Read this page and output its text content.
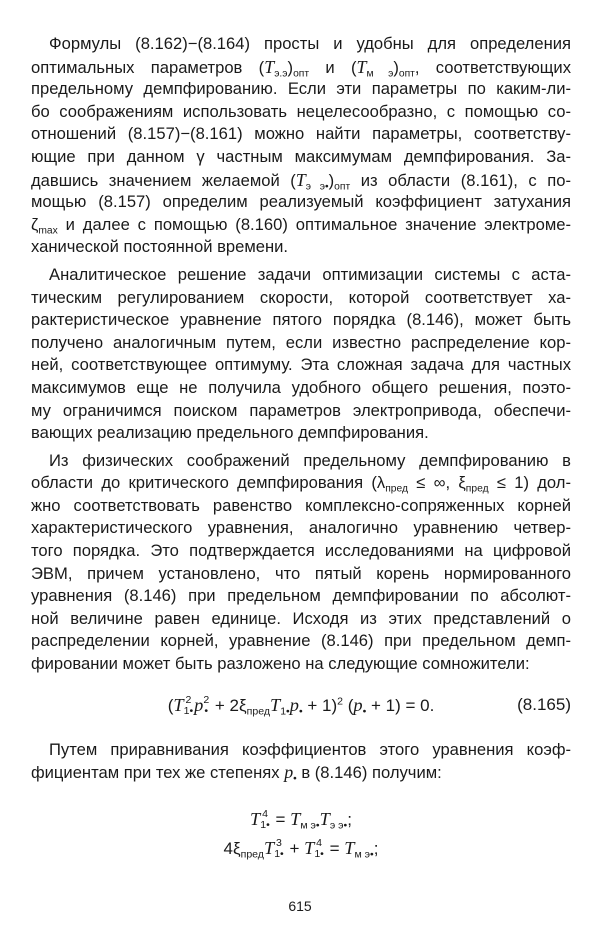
Формулы (8.162)−(8.164) просты и удобны для определения
оптимальных параметров $(T_{э.э})_{опт}$ и $(T_{м э})_{опт}$, соответствующих
предельному демпфированию. Если эти параметры по каким-ли-
бо соображениям использовать нецелесообразно, с помощью со-
отношений (8.157)−(8.161) можно найти параметры, соответству-
ющие при данном γ частным максимумам демпфирования. За-
давшись значением желаемой $(T_{э э•})_{опт}$ из области (8.161), с по-
мощью (8.157) определим реализуемый коэффициент затухания
$\zeta_{max}$ и далее с помощью (8.160) оптимальное значение электроме-
ханической постоянной времени.
Аналитическое решение задачи оптимизации системы с аста-
тическим регулированием скорости, которой соответствует ха-
рактеристическое уравнение пятого порядка (8.146), может быть
получено аналогичным путем, если известно распределение кор-
ней, соответствующее оптимуму. Эта сложная задача для частных
максимумов еще не получила удобного общего решения, поэто-
му ограничимся поиском параметров электропривода, обеспечи-
вающих реализацию предельного демпфирования.
Из физических соображений предельному демпфированию в
области до критического демпфирования ($\lambda_{пред}$ ≤ ∞, $\xi_{пред} \le 1$) дол-
жно соответствовать равенство комплексно-сопряженных корней
характеристического уравнения, аналогично уравнению четвер-
того порядка. Это подтверждается исследованиями на цифровой
ЭВМ, причем установлено, что пятый корень нормированного
уравнения (8.146) при предельном демпфировании по абсолют-
ной величине равен единице. Исходя из этих представлений о
распределении корней, уравнение (8.146) при предельном демп-
фировании может быть разложено на следующие сомножители:
(T 2
1• p 2
• + $2\xi_{пред}T_{1•}p_• + 1)^2$ $(p_• + 1) = 0$.	(8.165)
Путем приравнивания коэффициентов этого уравнения коэф-
фициентам при тех же степенях $p_•$ в (8.146) получим:
T 4
1• = $T_{м э•}T_{э э•}$;
$4\xi_{пред}T$ 3
1• + T 4
1• = $T_{м э•}$;
615
